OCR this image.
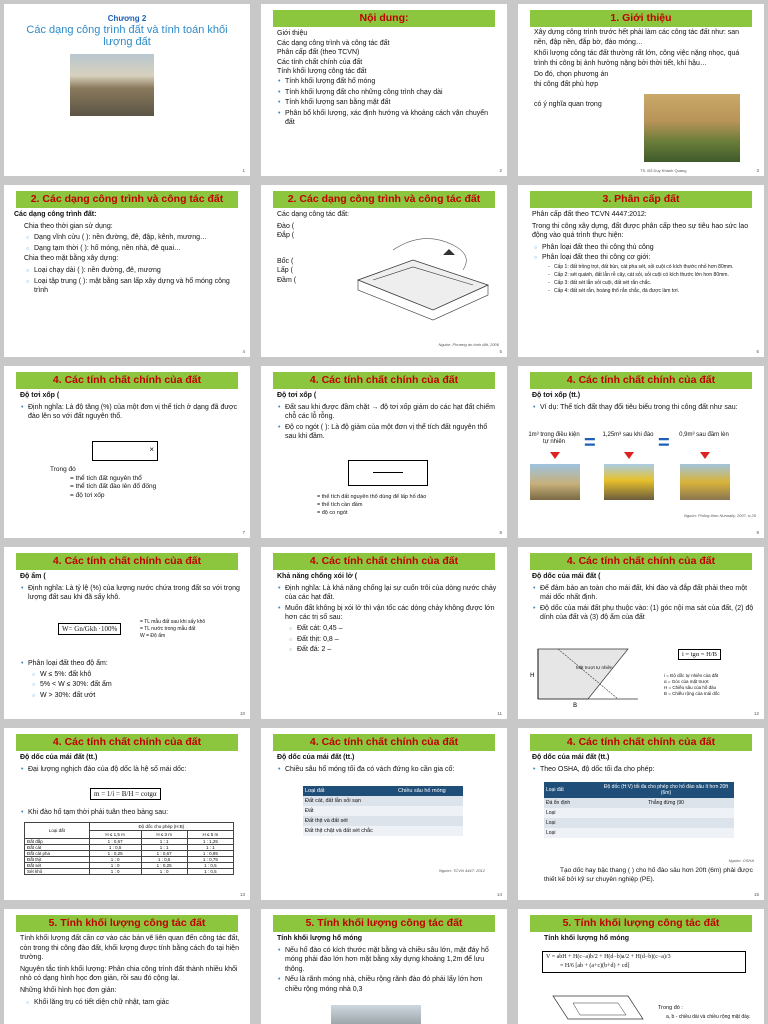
Chương 2
Các dạng công trình đất và tính toán khối lượng đất
1
Nội dung:
Giới thiệu
Các dạng công trình và công tác đất
Phân cấp đất (theo TCVN)
Các tính chất chính của đất
Tính khối lượng công tác đất
• Tính khối lượng đất hố móng
• Tính khối lượng đất cho những công trình chạy dài
• Tính khối lượng san bằng mặt đất
• Phân bổ khối lượng, xác định hướng và khoảng cách vận chuyển đất
2
1. Giới thiệu

Xây dựng công trình trước hết phải làm các công tác đất như: san nền, đập nền, đắp bờ, đào móng…

Khối lượng công tác đất thường rất lớn, công việc nặng nhọc, quá trình thi công bị ảnh hưởng nặng bởi thời tiết, khí hậu…

Do đó, chọn phương án thi công đất phù hợp

có ý nghĩa quan trọng

TS. Đỗ Duy Khánh Quang	3
2. Các dạng công trình và công tác đất

Các dạng công trình đất:

Chia theo thời gian sử dụng:

○ Dạng vĩnh cửu ( ): nền đường, đê, đập, kênh, mương…
○ Dạng tạm thời ( ): hố móng, nền nhà, đê quai…

Chia theo mặt bằng xây dựng:

○ Loại chạy dài ( ): nền đường, đê, mương
○ Loại tập trung ( ): mặt bằng san lấp xây dựng và hố móng công trình
4
2. Các dạng công trình và công tác đất

Các dạng công tác đất:

Đào (
Đắp (
Bốc (
Lấp (
Đầm (
Nguồn: Phương án bình đất, 2006
5
3. Phân cấp đất

Phân cấp đất theo TCVN 4447:2012:

Trong thi công xây dựng, đất được phân cấp theo sự tiêu hao sức lao động vào quá trình thực hiện:

○ Phân loại đất theo thi công thủ công
○ Phân loại đất theo thi công cơ giới:
- Cấp 1: đất trồng trọt, đất bùn, cát pha sét, sỏi cuội có kích thước nhỏ hơn 80mm.
- Cấp 2: sét quánh, đất lẫn rễ cây, cát sỏi, sỏi cuội có kích thước lớn hơn 80mm.
- Cấp 3: đất sét lẫn sỏi cuội, đất sét rắn chắc.
- Cấp 4: đất sét rắn, hoàng thổ rắn chắc, đá được làm tơi.
6
4. Các tính chất chính của đất

Độ tơi xốp (

• Định nghĩa: Là độ tăng (%) của một đơn vị thể tích ở dạng đã được đào lên so với đất nguyên thổ.
×
Trong đó
= thể tích đất nguyên thổ
= thể tích đất đào lên đổ đống
= độ tơi xốp
7
4. Các tính chất chính của đất

Độ tơi xốp (

• Đất sau khi được đầm chặt → độ tơi xốp giảm do các hạt đất chiếm chỗ các lỗ rỗng.
• Độ co ngót ( ): Là độ giảm của một đơn vị thể tích đất nguyên thổ sau khi đầm.
= thể tích đất nguyên thổ dùng để lấp hố đào
= thể tích cần đầm
= độ co ngót
8
4. Các tính chất chính của đất

Độ tơi xốp (tt.)

• Ví dụ: Thể tích đất thay đổi tiêu biểu trong thi công đất như sau:
1m³ trong điều kiện tự nhiên = 1,25m³ sau khi đào = 0,9m³ sau đầm lèn
Nguồn: Phỏng theo Nunnally, 2007, tr.26
9
4. Các tính chất chính của đất

Độ ẩm (

• Định nghĩa: Là tỷ lệ (%) của lượng nước chứa trong đất so với trọng lượng đất sau khi đã sấy khô.
W= Gn/Gkh ·100%
= TL mẫu đất sau khi sấy khô
= TL nước trong mẫu đất
W = Độ ẩm
• Phân loại đất theo độ ẩm:
○ W ≤ 5%: đất khô
○ 5% < W ≤ 30%: đất ẩm
○ W > 30%: đất ướt
10
4. Các tính chất chính của đất

Khả năng chống xói lở (

• Định nghĩa: Là khả năng chống lại sự cuốn trôi của dòng nước chảy của các hạt đất.
• Muốn đất không bị xói lở thì vận tốc các dòng chảy không được lớn hơn các trị số sau:
○ Đất cát: 0,45 –
○ Đất thịt: 0,8 –
○ Đất đá: 2 –
11
4. Các tính chất chính của đất

Độ dốc của mái đất (

• Để đảm bảo an toàn cho mái đất, khi đào và đắp đất phải theo một mái dốc nhất định.
• Độ dốc của mái đất phụ thuộc vào: (1) góc nội ma sát của đất, (2) độ dính của đất và (3) độ ẩm của đất
H
B
Mặt trượt tự nhiên
i = tgα = H/B
i = Độ dốc tự nhiên của đất
α = Góc của mặt trượt
H = Chiều sâu của hố đào
B = Chiều rộng của mái dốc
12
4. Các tính chất chính của đất

Độ dốc của mái đất (tt.)

• Đại lượng nghịch đảo của độ dốc là hệ số mái dốc:
m = 1/i = B/H = cotgα
• Khi đào hố tạm thời phải tuân theo bảng sau:
Loại đất	Độ dốc cho phép (H:B)		
	H ≤ 1,5 m	H ≤ 3 m	H ≤ 5 m
Đất đắp	1 : 0,67	1 : 1	1 : 1,25
Đất cát	1 : 0,5	1 : 1	1 : 1
Đất cát pha	1 : 0,25	1 : 0,67	1 : 0,85
Đất thịt	1 : 0	1 : 0,5	1 : 0,75
Đất sét	1 : 0	1 : 0,25	1 : 0,5
Sét khô	1 : 0	1 : 0	1 : 0,5
13
4. Các tính chất chính của đất

Độ dốc của mái đất (tt.)

• Chiều sâu hố móng tối đa có vách đứng ko cần gia cố:
Loại đất	Chiều sâu hố móng
Đất cát, đất lẫn sỏi sạn	
Đất	
Đất thịt và đất sét	
Đất thịt chặt và đất sét chắc	
Nguồn: TCVN 4447: 2012
14
4. Các tính chất chính của đất

Độ dốc của mái đất (tt.)

• Theo OSHA, độ dốc tối đa cho phép:
Loại đất	Độ dốc (H:V) tối đa cho phép cho hố đào sâu ít hơn 20ft (6m)
Đá ổn định	Thẳng đứng (90
Loại	
Loại	
Loại	
Nguồn: OSHA
Tạo dốc hay bậc thang ( ) cho hố đào sâu hơn 20ft (6m) phải được thiết kế bởi kỹ sư chuyên nghiệp (PE).
15
5. Tính khối lượng công tác đất

Tính khối lượng đất cần cơ vào các bản vẽ liên quan đến công tác đất, còn trong thi công đào đất, khối lượng được tính bằng cách đo tại hiện trường.

Nguyên tắc tính khối lượng: Phân chia công trình đất thành nhiều khối nhỏ có dạng hình học đơn giản, rồi sau đó cộng lại.

Những khối hình học đơn giản:

○ Khối lăng trụ có tiết diện chữ nhật, tam giác
5. Tính khối lượng công tác đất

Tính khối lượng hố móng

• Nếu hố đào có kích thước mặt bằng và chiều sâu lớn, mặt đáy hố móng phải đào lớn hơn mặt bằng xây dựng khoảng 1,2m để lưu thông.
• Nếu là rãnh móng nhà, chiều rộng rãnh đào đó phải lấy lớn hơn chiều rộng móng nhà 0,3
5. Tính khối lượng công tác đất

Tính khối lượng hố móng

V = abH + H(c−a)b/2 + H(d−b)a/2 + H(d−b)(c−a)/3
= H/6 [ab + (a+c)(b+d) + cd]
Trong đó :
a, b - chiều dài và chiều rộng mặt đáy.
